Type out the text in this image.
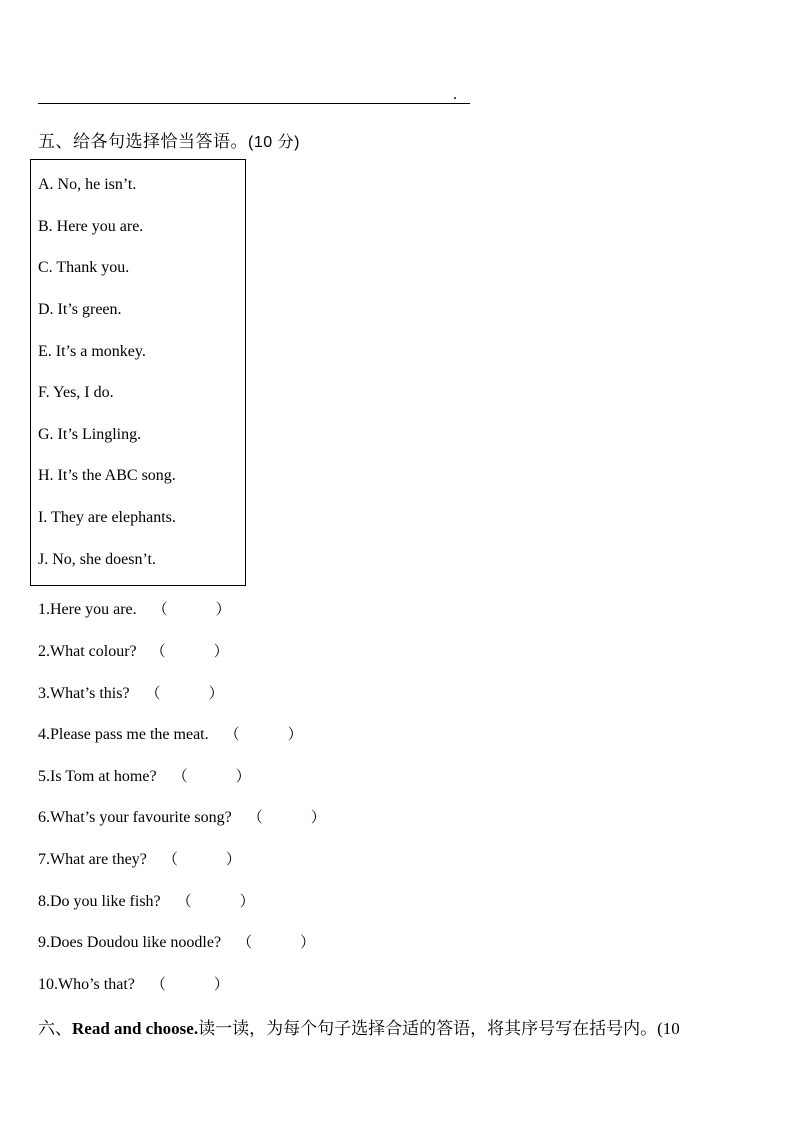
.
五、给各句选择恰当答语。(10 分)
A. No, he isn’t.
B. Here you are.
C. Thank you.
D. It’s green.
E. It’s a monkey.
F. Yes, I do.
G. It’s Lingling.
H. It’s the ABC song.
I. They are elephants.
J. No, she doesn’t.
1.Here you are. （	）
2.What colour? （	）
3.What’s this? （	）
4.Please pass me the meat. （	）
5.Is Tom at home? （	）
6.What’s your favourite song? （	）
7.What are they? （	）
8.Do you like fish? （	）
9.Does Doudou like noodle? （	）
10.Who’s that? （	）
六、Read and choose.读一读，为每个句子选择合适的答语，将其序号写在括号内。(10
